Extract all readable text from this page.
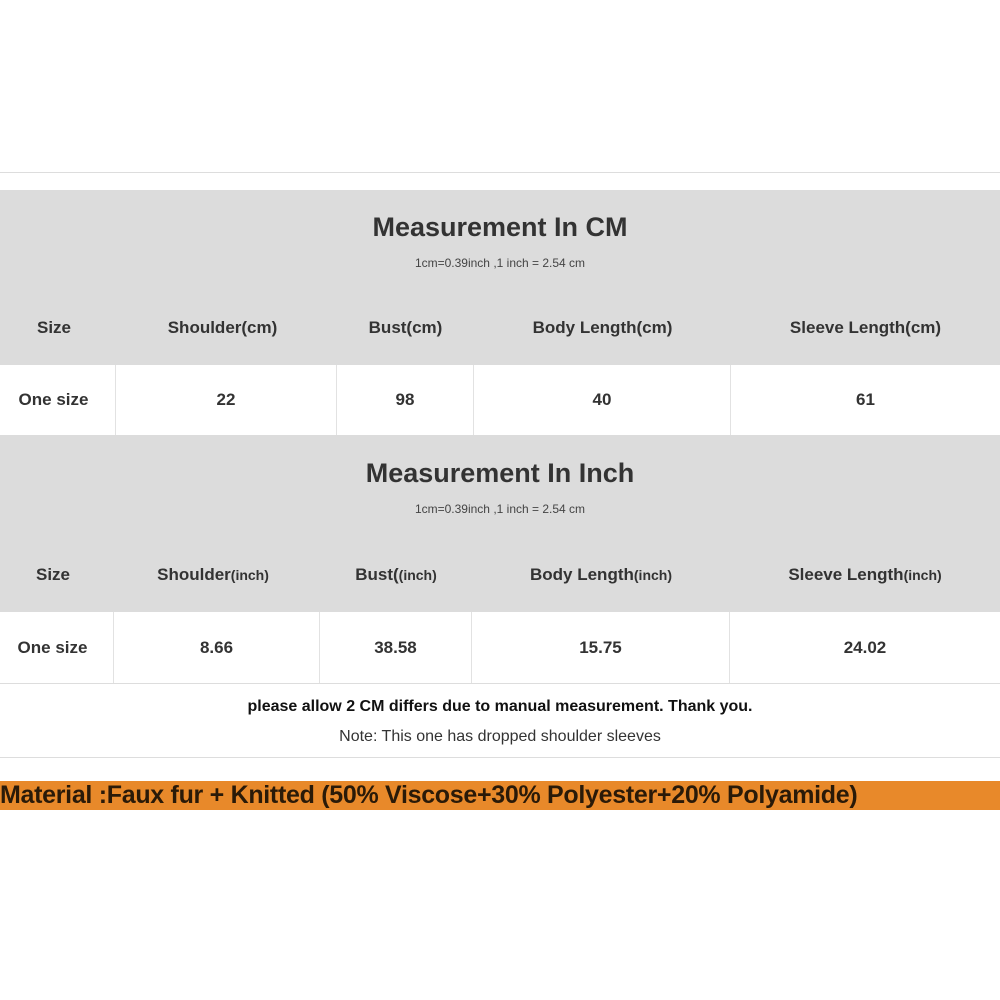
Measurement In CM
1cm=0.39inch ,1 inch = 2.54 cm
Size	Shoulder(cm)	Bust(cm)	Body Length(cm)	Sleeve Length(cm)
One size	22	98	40	61
Measurement In Inch
1cm=0.39inch ,1 inch = 2.54 cm
Size	Shoulder (inch)	Bust( (inch)	Body Length (inch)	Sleeve Length (inch)
One size	8.66	38.58	15.75	24.02
please allow 2 CM differs due to manual measurement. Thank you.
Note: This one has dropped shoulder sleeves
Material :Faux fur + Knitted (50% Viscose+30% Polyester+20% Polyamide)
